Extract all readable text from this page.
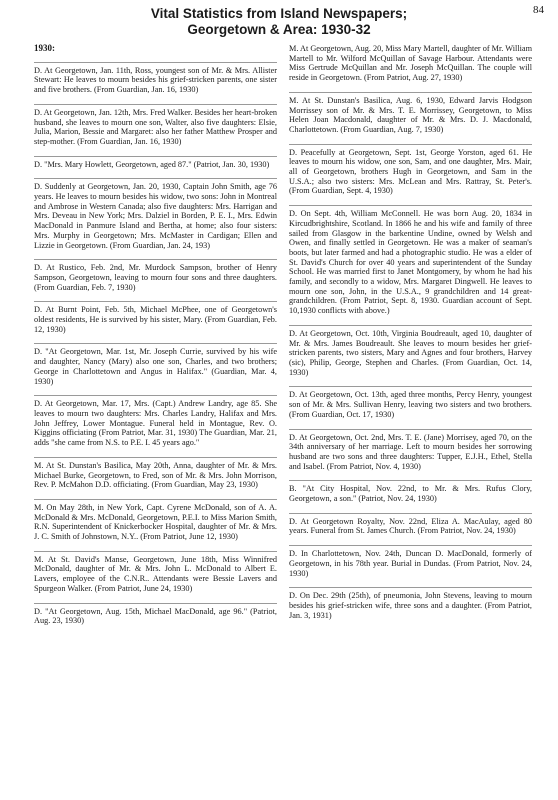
84
Vital Statistics from Island Newspapers;
Georgetown & Area: 1930-32
1930:

D. At Georgetown, Jan. 11th, Ross, youngest son of Mr. & Mrs. Allister Stewart: He leaves to mourn besides his grief-stricken parents, one sister and five brothers. (From Guardian, Jan. 16, 1930)

D. At Georgetown, Jan. 12th, Mrs. Fred Walker. Besides her heart-broken husband, she leaves to mourn one son, Walter, also five daughters: Elsie, Julia, Marion, Bessie and Margaret: also her father Matthew Prosper and step-mother. (From Guardian, Jan. 16, 1930)

D. "Mrs. Mary Howlett, Georgetown, aged 87." (Patriot, Jan. 30, 1930)

D. Suddenly at Georgetown, Jan. 20, 1930, Captain John Smith, age 76 years. He leaves to mourn besides his widow, two sons: John in Montreal and Ambrose in Western Canada; also five daughters: Mrs. Harrigan and Mrs. Deveau in New York; Mrs. Dalziel in Borden, P. E. I., Mrs. Edwin MacDonald in Panmure Island and Bertha, at home; also four sisters: Mrs. Murphy in Georgetown; Mrs. McMaster in Cardigan; Ellen and Lizzie in Georgetown. (From Guardian, Jan. 24, 193)

D. At Rustico, Feb. 2nd, Mr. Murdock Sampson, brother of Henry Sampson, Georgetown, leaving to mourn four sons and three daughters. (From Guardian, Feb. 7, 1930)

D. At Burnt Point, Feb. 5th, Michael McPhee, one of Georgetown's oldest residents, He is survived by his sister, Mary. (From Guardian, Feb. 12, 1930)

D. "At Georgetown, Mar. 1st, Mr. Joseph Currie, survived by his wife and daughter, Nancy (Mary) also one son, Charles, and two brothers; George in Charlottetown and Angus in Halifax." (Guardian, Mar. 4, 1930)

D. At Georgetown, Mar. 17, Mrs. (Capt.) Andrew Landry, age 85. She leaves to mourn two daughters: Mrs. Charles Landry, Halifax and Mrs. John Jeffrey, Lower Montague. Funeral held in Montague, Rev. O. Kiggins officiating (From Patriot, Mar. 31, 1930) The Guardian, Mar. 21, adds "she came from N.S. to P.E. I. 45 years ago."

M. At St. Dunstan's Basilica, May 20th, Anna, daughter of Mr. & Mrs. Michael Burke, Georgetown, to Fred, son of Mr. & Mrs. John Morrison, Rev. P. McMahon D.D. officiating. (From Guardian, May 23, 1930)

M. On May 28th, in New York, Capt. Cyrene McDonald, son of A. A. McDonald & Mrs. McDonald, Georgetown, P.E.I. to Miss Marion Smith, R.N. Superintendent of Knickerbocker Hospital, daughter of Mr. & Mrs. J. C. Smith of Johnstown, N.Y.. (From Patriot, June 12, 1930)

M. At St. David's Manse, Georgetown, June 18th, Miss Winnifred McDonald, daughter of Mr. & Mrs. John L. McDonald to Albert E. Lavers, employee of the C.N.R.. Attendants were Bessie Lavers and Spurgeon Walker. (From Patriot, June 24, 1930)

D. "At Georgetown, Aug. 15th, Michael MacDonald, age 96." (Patriot, Aug. 23, 1930)

M. At Georgetown, Aug. 20, Miss Mary Martell, daughter of Mr. William Martell to Mr. Wilford McQuillan of Savage Harbour. Attendants were Miss Gertrude McQuillan and Mr. Joseph McQuillan. The couple will reside in Georgetown. (From Patriot, Aug. 27, 1930)

M. At St. Dunstan's Basilica, Aug. 6, 1930, Edward Jarvis Hodgson Morrissey son of Mr. & Mrs. T. E. Morrissey, Georgetown, to Miss Helen Joan Macdonald, daughter of Mr. & Mrs. D. J. Macdonald, Charlottetown. (From Guardian, Aug. 7, 1930)

D. Peacefully at Georgetown, Sept. 1st, George Yorston, aged 61. He leaves to mourn his widow, one son, Sam, and one daughter, Mrs. Mair, all of Georgetown, brothers Hugh in Georgetown, and Sam in the U.S.A.; also two sisters: Mrs. McLean and Mrs. Rattray, St. Peter's. (From Guardian, Sept. 4, 1930)

D. On Sept. 4th, William McConnell. He was born Aug. 20, 1834 in Kircudbrightshire, Scotland. In 1866 he and his wife and family of three sailed from Glasgow in the barkentine Undine, owned by Welsh and Owen, and finally settled in Georgetown. He was a maker of seaman's boots, but later farmed and had a photographic studio. He was a elder of St. David's Church for over 40 years and superintendent of the Sunday School. He was married first to Janet Montgomery, by whom he had his family, and secondly to a widow, Mrs. Margaret Dingwell. He leaves to mourn one son, John, in the U.S.A., 9 grandchildren and 14 great-grandchildren. (From Patriot, Sept. 8, 1930. Guardian account of Sept. 10,1930 conflicts with above.)

D. At Georgetown, Oct. 10th, Virginia Boudreault, aged 10, daughter of Mr. & Mrs. James Boudreault. She leaves to mourn besides her grief-stricken parents, two sisters, Mary and Agnes and four brothers, Harvey (sic), Philip, George, Stephen and Charles. (From Guardian, Oct. 14, 1930)

D. At Georgetown, Oct. 13th, aged three months, Percy Henry, youngest son of Mr. & Mrs. Sullivan Henry, leaving two sisters and two brothers. (From Guardian, Oct. 17, 1930)

D. At Georgetown, Oct. 2nd, Mrs. T. E. (Jane) Morrisey, aged 70, on the 34th anniversary of her marriage. Left to mourn besides her sorrowing husband are two sons and three daughters: Tupper, E.J.H., Ethel, Stella and Isabel. (From Patriot, Nov. 4, 1930)

B. "At City Hospital, Nov. 22nd, to Mr. & Mrs. Rufus Clory, Georgetown, a son." (Patriot, Nov. 24, 1930)

D. At Georgetown Royalty, Nov. 22nd, Eliza A. MacAulay, aged 80 years. Funeral from St. James Church. (From Patriot, Nov. 24, 1930)

D. In Charlottetown, Nov. 24th, Duncan D. MacDonald, formerly of Georgetown, in his 78th year. Burial in Dundas. (From Patriot, Nov. 24, 1930)

D. On Dec. 29th (25th), of pneumonia, John Stevens, leaving to mourn besides his grief-stricken wife, three sons and a daughter. (From Patriot, Jan. 3, 1931)
